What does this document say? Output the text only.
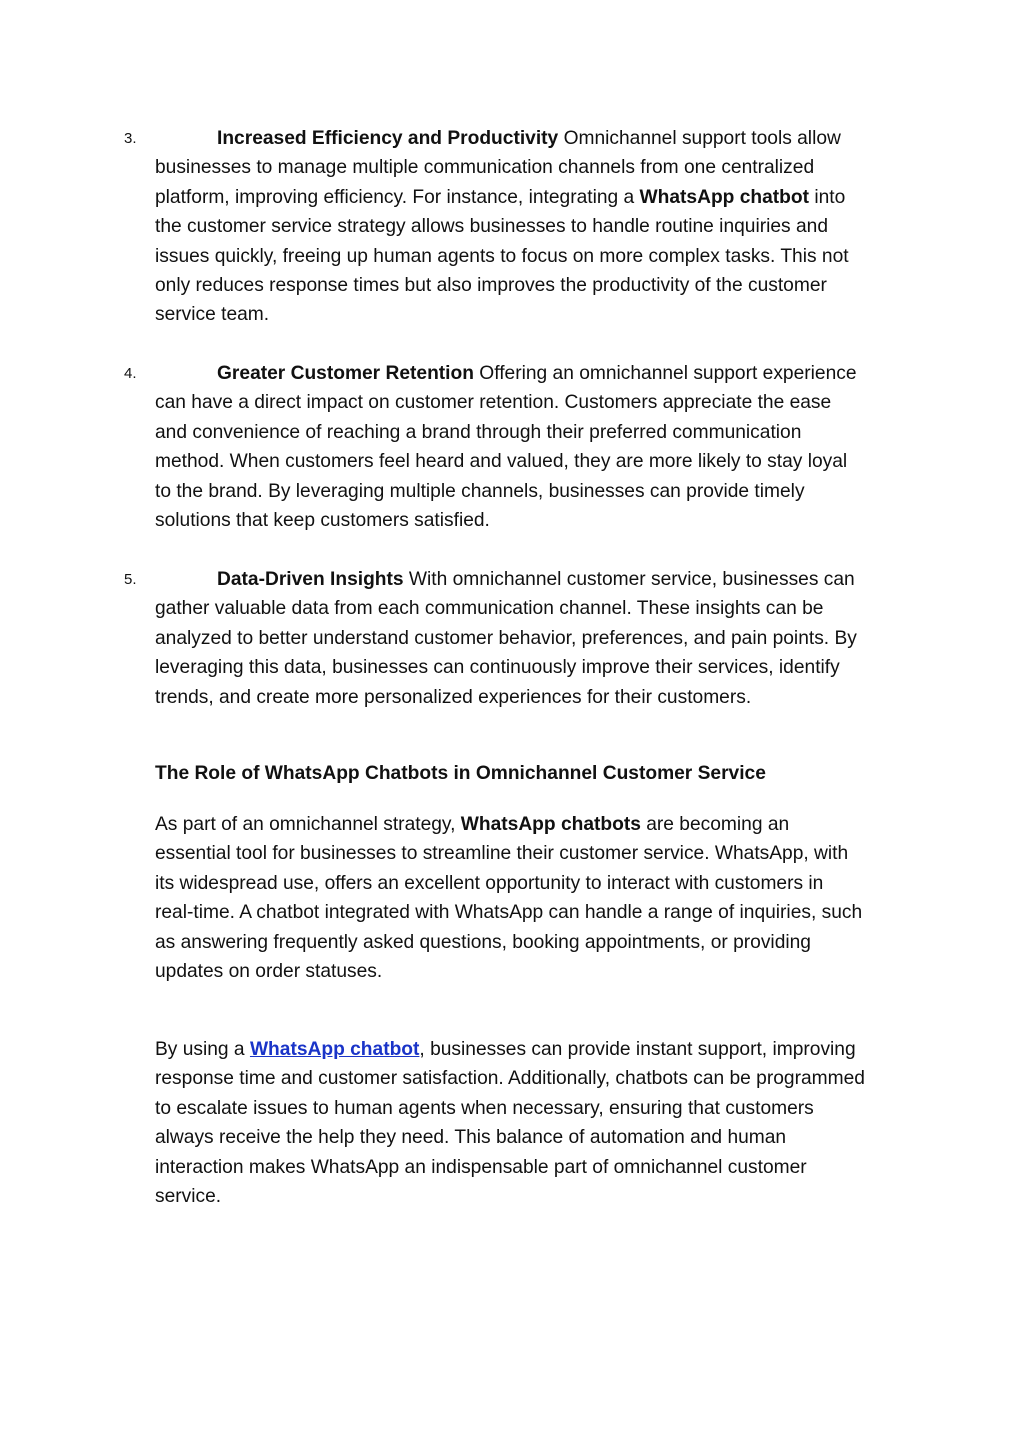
3.	Increased Efficiency and Productivity Omnichannel support tools allow businesses to manage multiple communication channels from one centralized platform, improving efficiency. For instance, integrating a WhatsApp chatbot into the customer service strategy allows businesses to handle routine inquiries and issues quickly, freeing up human agents to focus on more complex tasks. This not only reduces response times but also improves the productivity of the customer service team.
4.	Greater Customer Retention Offering an omnichannel support experience can have a direct impact on customer retention. Customers appreciate the ease and convenience of reaching a brand through their preferred communication method. When customers feel heard and valued, they are more likely to stay loyal to the brand. By leveraging multiple channels, businesses can provide timely solutions that keep customers satisfied.
5.	Data-Driven Insights With omnichannel customer service, businesses can gather valuable data from each communication channel. These insights can be analyzed to better understand customer behavior, preferences, and pain points. By leveraging this data, businesses can continuously improve their services, identify trends, and create more personalized experiences for their customers.
The Role of WhatsApp Chatbots in Omnichannel Customer Service
As part of an omnichannel strategy, WhatsApp chatbots are becoming an essential tool for businesses to streamline their customer service. WhatsApp, with its widespread use, offers an excellent opportunity to interact with customers in real-time. A chatbot integrated with WhatsApp can handle a range of inquiries, such as answering frequently asked questions, booking appointments, or providing updates on order statuses.
By using a WhatsApp chatbot, businesses can provide instant support, improving response time and customer satisfaction. Additionally, chatbots can be programmed to escalate issues to human agents when necessary, ensuring that customers always receive the help they need. This balance of automation and human interaction makes WhatsApp an indispensable part of omnichannel customer service.
